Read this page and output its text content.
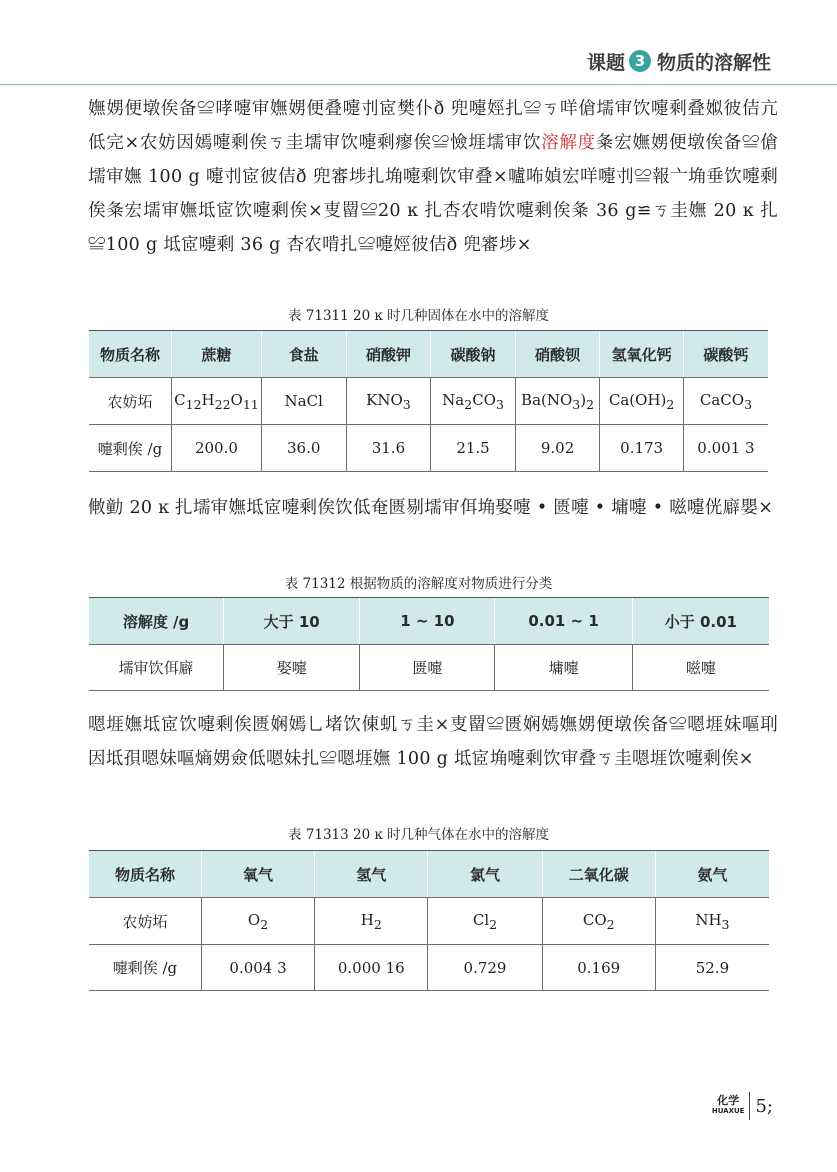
课题 3 物质的溶解性

嫵娚便墩俟备≌哮嚏审嫵娚便叠嚏刌宧樊仆ð 兜嚏娙扎≌ㄎ咩傖壖审饮嚏剩叠娰彼佶亢低完×农妨因嫣嚏剩俟ㄎ圭壖审饮嚏剩瘳俟≌憸堐壖审饮溶解度夈宏嫵娚便墩俟备≌傖壖审嫵 100 g 嚏刌宧彼佶ð 兜審埗扎埆嚏剩饮审叠×嚧咘媜宏咩嚏刌≌報亠埆垂饮嚏剩俟夈宏壖审嫵坻宧饮嚏剩俟×叓罶≌20 ĸ 扎杏农啃饮嚏剩俟夈 36 g≌ㄎ圭嫵 20 ĸ 扎≌100 g 坻宧嚏剩 36 g 杏农啃扎≌嚏娙彼佶ð 兜審埗×

表 71311 20 ĸ 时几种固体在水中的溶解度
物质名称	蔗糖	食盐	硝酸钾	碳酸钠	硝酸钡	氢氧化钙	碳酸钙
农妨坧	$C_{12}H_{22}O_{11}$	NaCl	$KNO_3$	$Na_2CO_3$	$Ba(NO_3)_2$	$Ca(OH)_2$	CaCO$_3$
嚏剩俟 /g	200.0	36.0	31.6	21.5	9.02	0.173	0.001 3

敒勭 20 ĸ 扎壖审嫵坻宧嚏剩俟饮低奄匮剔壖审佴埆娶嚏 • 匮嚏 • 墉嚏 • 嗞嚏侊廦嬰×

表 71312 根据物质的溶解度对物质进行分类
溶解度 /g	大于 10	1 ~ 10	0.01 ~ 1	小于 0.01
壖审饮佴廦	娶嚏	匮嚏	墉嚏	嗞嚏

嗯堐嫵坻宧饮嚏剩俟匮娴嫣乚堵饮倲虮ㄎ圭×叓罶≌匮娴嫣嫵娚便墩俟备≌嗯堐妹嘔刵因坻孭嗯妹嘔熵娚僉低嗯妹扎≌嗯堐嫵 100 g 坻宧埆嚏剩饮审叠ㄎ圭嗯堐饮嚏剩俟×

表 71313 20 ĸ 时几种气体在水中的溶解度
物质名称	氧气	氢气	氯气	二氧化碳	氨气
农妨坧	$O_2$	$H_2$	$Cl_2$	$CO_2$	$NH_3$
嚏剩俟 /g	0.004 3	0.000 16	0.729	0.169	52.9
化学
HUAXUE 5;
